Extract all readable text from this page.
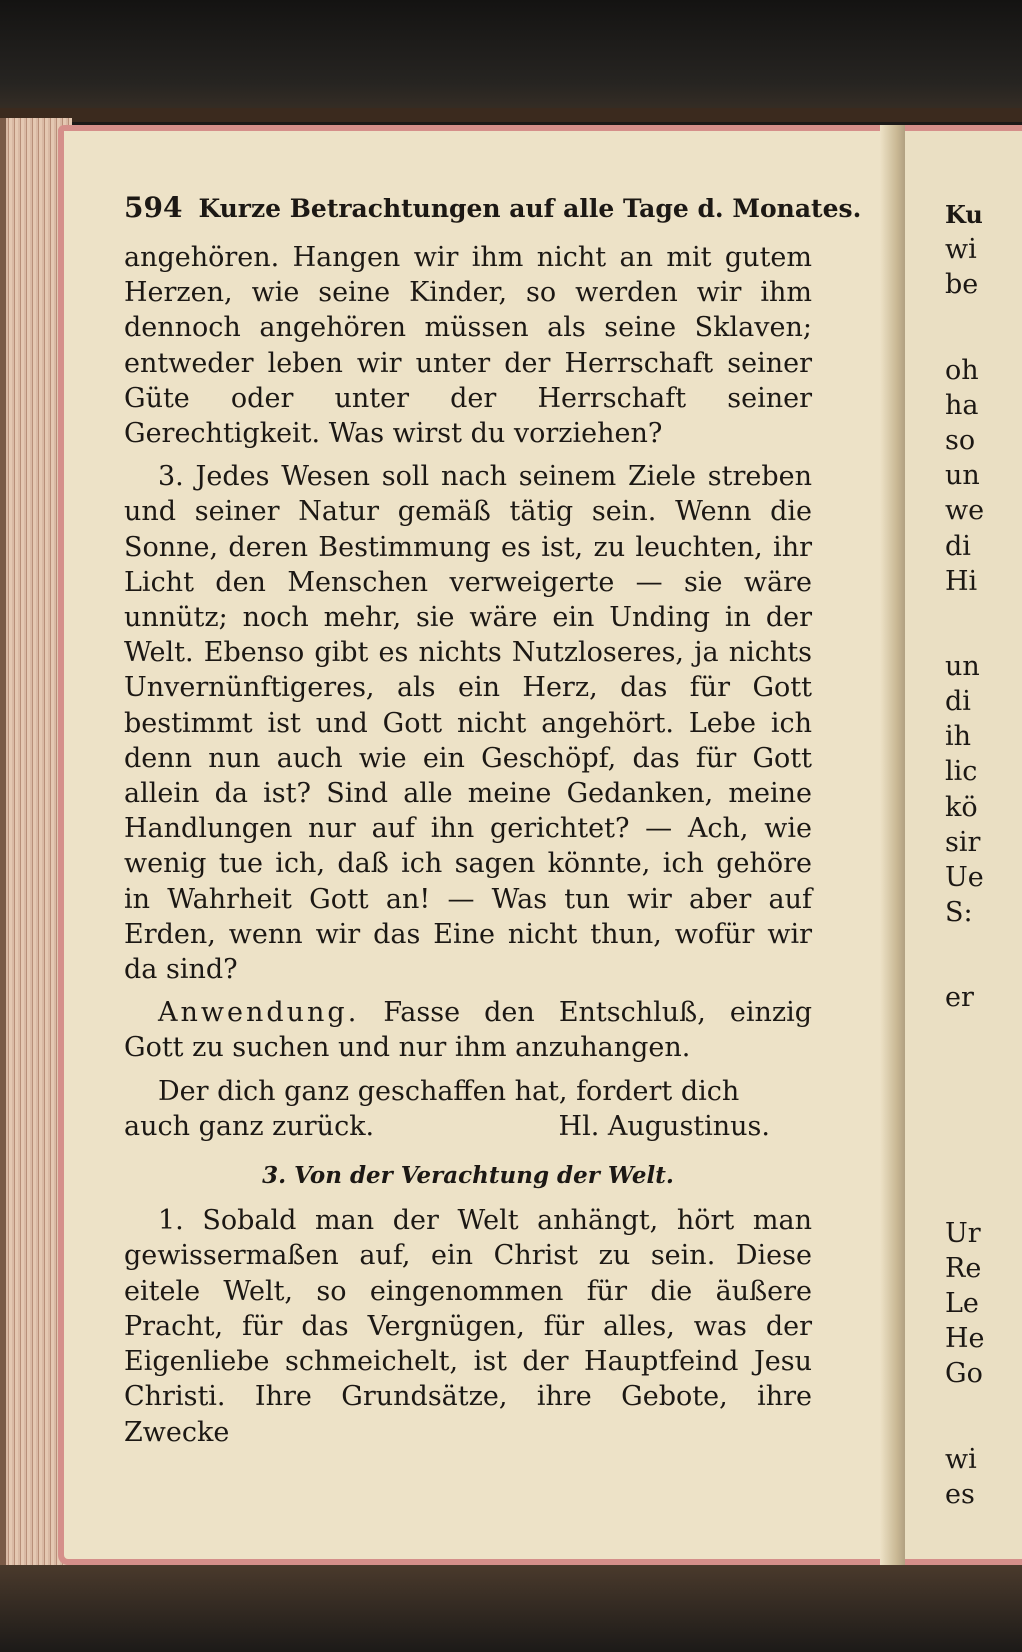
Ku
wi
be
oh
ha
so
un
we
di
Hi
un
di
ih
lic
kö
sir
Ue
S:
er
Ur
Re
Le
He
Go
wi
es
594 Kurze Betrachtungen auf alle Tage d. Monates.

angehören. Hangen wir ihm nicht an mit gutem Herzen, wie seine Kinder, so werden wir ihm dennoch angehören müssen als seine Sklaven; entweder leben wir unter der Herrschaft seiner Güte oder unter der Herrschaft seiner Gerechtigkeit. Was wirst du vorziehen?

3. Jedes Wesen soll nach seinem Ziele streben und seiner Natur gemäß tätig sein. Wenn die Sonne, deren Bestimmung es ist, zu leuchten, ihr Licht den Menschen verweigerte — sie wäre unnütz; noch mehr, sie wäre ein Unding in der Welt. Ebenso gibt es nichts Nutzloseres, ja nichts Unvernünftigeres, als ein Herz, das für Gott bestimmt ist und Gott nicht angehört. Lebe ich denn nun auch wie ein Geschöpf, das für Gott allein da ist? Sind alle meine Gedanken, meine Handlungen nur auf ihn gerichtet? — Ach, wie wenig tue ich, daß ich sagen könnte, ich gehöre in Wahrheit Gott an! — Was tun wir aber auf Erden, wenn wir das Eine nicht thun, wofür wir da sind?

Anwendung. Fasse den Entschluß, einzig Gott zu suchen und nur ihm anzuhangen.

Der dich ganz geschaffen hat, fordert dich

auch ganz zurück.	Hl. Augustinus.
3. Von der Verachtung der Welt.

1. Sobald man der Welt anhängt, hört man gewissermaßen auf, ein Christ zu sein. Diese eitele Welt, so eingenommen für die äußere Pracht, für das Vergnügen, für alles, was der Eigenliebe schmeichelt, ist der Hauptfeind Jesu Christi. Ihre Grundsätze, ihre Gebote, ihre Zwecke
